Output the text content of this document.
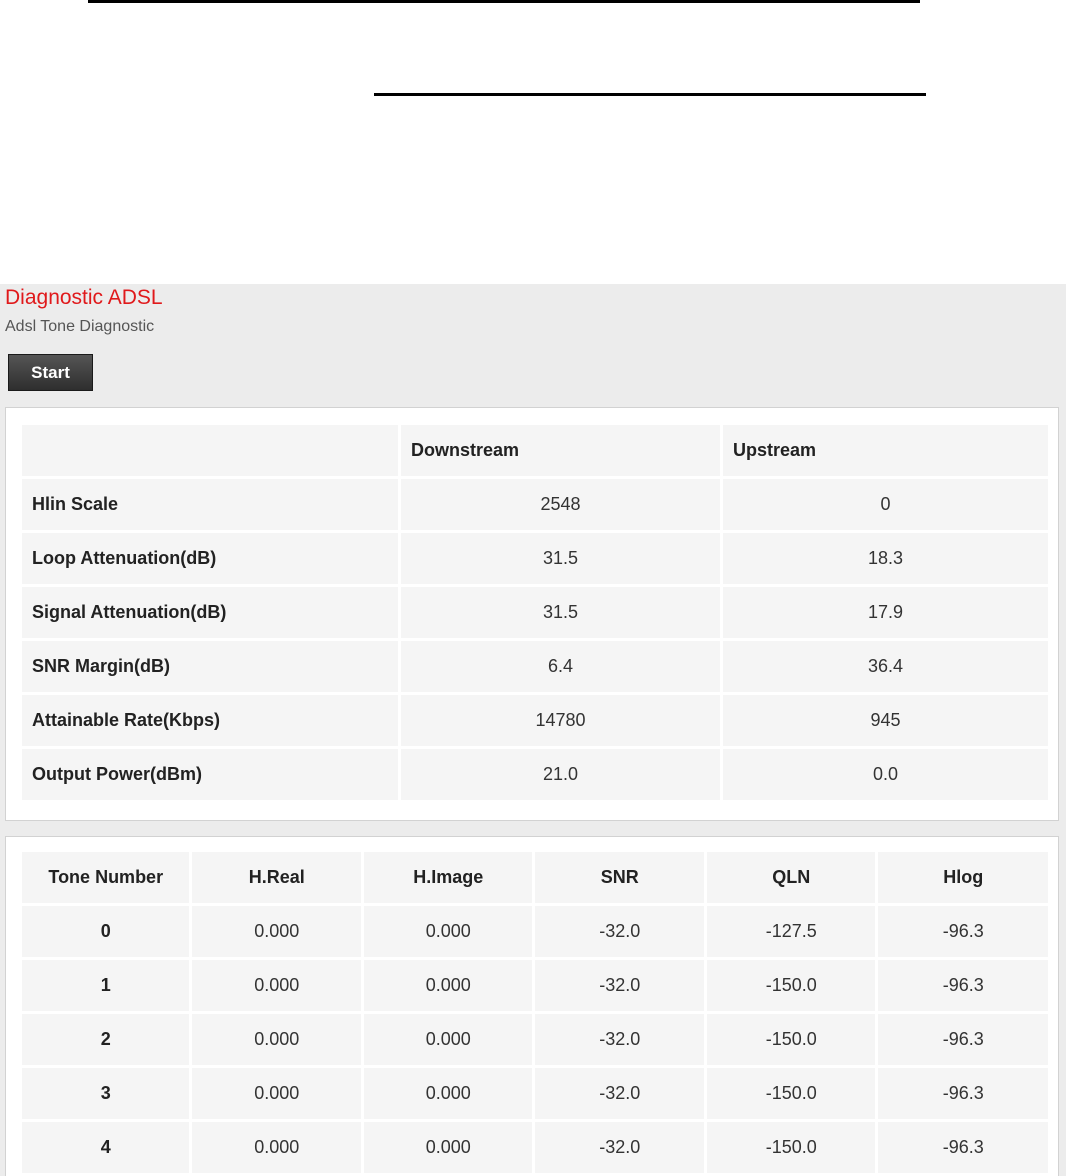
Diagnostic ADSL
Adsl Tone Diagnostic
Start
	Downstream	Upstream
Hlin Scale	2548	0
Loop Attenuation(dB)	31.5	18.3
Signal Attenuation(dB)	31.5	17.9
SNR Margin(dB)	6.4	36.4
Attainable Rate(Kbps)	14780	945
Output Power(dBm)	21.0	0.0
Tone Number	H.Real	H.Image	SNR	QLN	Hlog
0	0.000	0.000	-32.0	-127.5	-96.3
1	0.000	0.000	-32.0	-150.0	-96.3
2	0.000	0.000	-32.0	-150.0	-96.3
3	0.000	0.000	-32.0	-150.0	-96.3
4	0.000	0.000	-32.0	-150.0	-96.3
